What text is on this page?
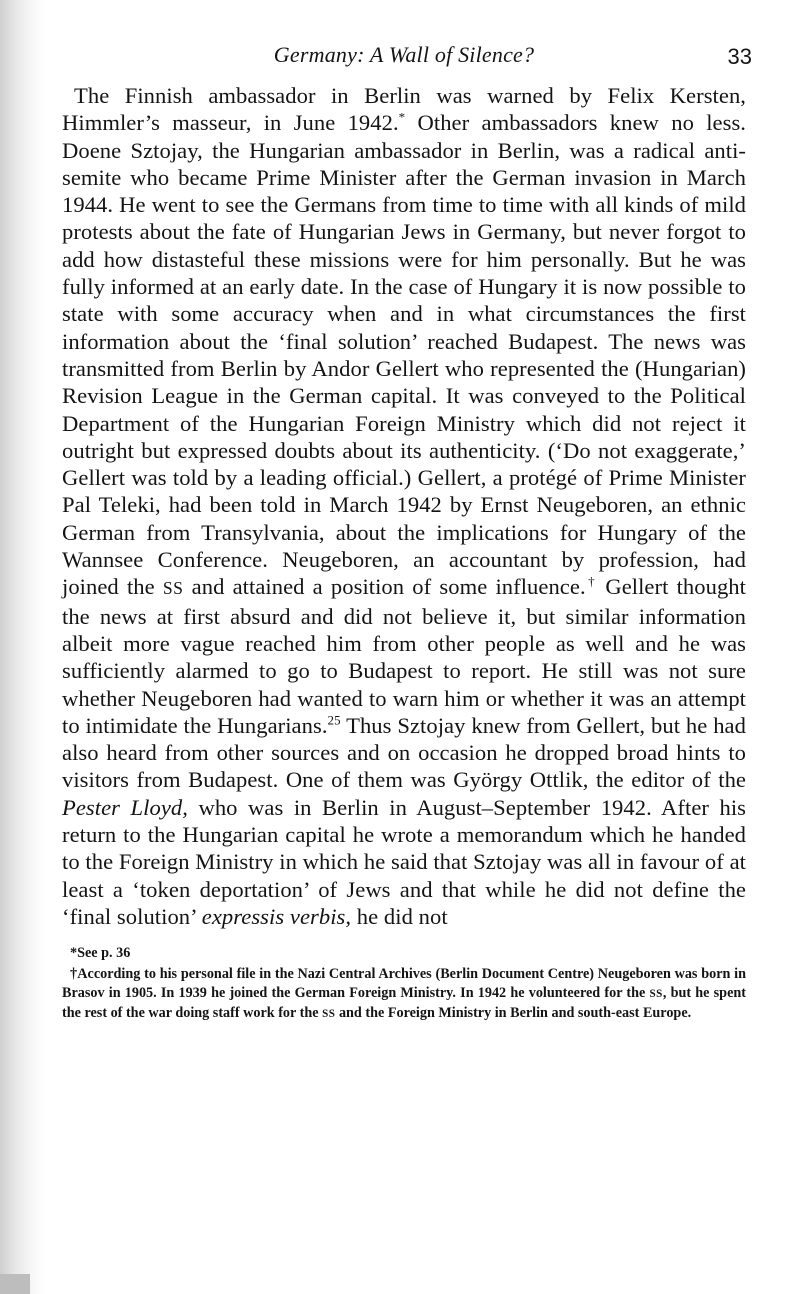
Germany: A Wall of Silence?	33

The Finnish ambassador in Berlin was warned by Felix Kersten, Himmler’s masseur, in June 1942.* Other ambassadors knew no less. Doene Sztojay, the Hungarian ambassador in Berlin, was a radical anti-semite who became Prime Minister after the German invasion in March 1944. He went to see the Germans from time to time with all kinds of mild protests about the fate of Hungarian Jews in Germany, but never forgot to add how distasteful these missions were for him personally. But he was fully informed at an early date. In the case of Hungary it is now possible to state with some accuracy when and in what circumstances the first information about the ‘final solution’ reached Budapest. The news was transmitted from Berlin by Andor Gellert who represented the (Hungarian) Revision League in the German capital. It was conveyed to the Political Department of the Hungarian Foreign Ministry which did not reject it outright but expressed doubts about its authenticity. (‘Do not exaggerate,’ Gellert was told by a leading official.) Gellert, a protégé of Prime Minister Pal Teleki, had been told in March 1942 by Ernst Neugeboren, an ethnic German from Transylvania, about the implications for Hungary of the Wannsee Conference. Neugeboren, an accountant by profession, had joined the SS and attained a position of some influence.† Gellert thought the news at first absurd and did not believe it, but similar information albeit more vague reached him from other people as well and he was sufficiently alarmed to go to Budapest to report. He still was not sure whether Neugeboren had wanted to warn him or whether it was an attempt to intimidate the Hungarians.$^{25}$ Thus Sztojay knew from Gellert, but he had also heard from other sources and on occasion he dropped broad hints to visitors from Budapest. One of them was György Ottlik, the editor of the Pester Lloyd, who was in Berlin in August–September 1942. After his return to the Hungarian capital he wrote a memorandum which he handed to the Foreign Ministry in which he said that Sztojay was all in favour of at least a ‘token deportation’ of Jews and that while he did not define the ‘final solution’ expressis verbis, he did not

*See p. 36

†According to his personal file in the Nazi Central Archives (Berlin Document Centre) Neugeboren was born in Brasov in 1905. In 1939 he joined the German Foreign Ministry. In 1942 he volunteered for the SS, but he spent the rest of the war doing staff work for the SS and the Foreign Ministry in Berlin and south-east Europe.
